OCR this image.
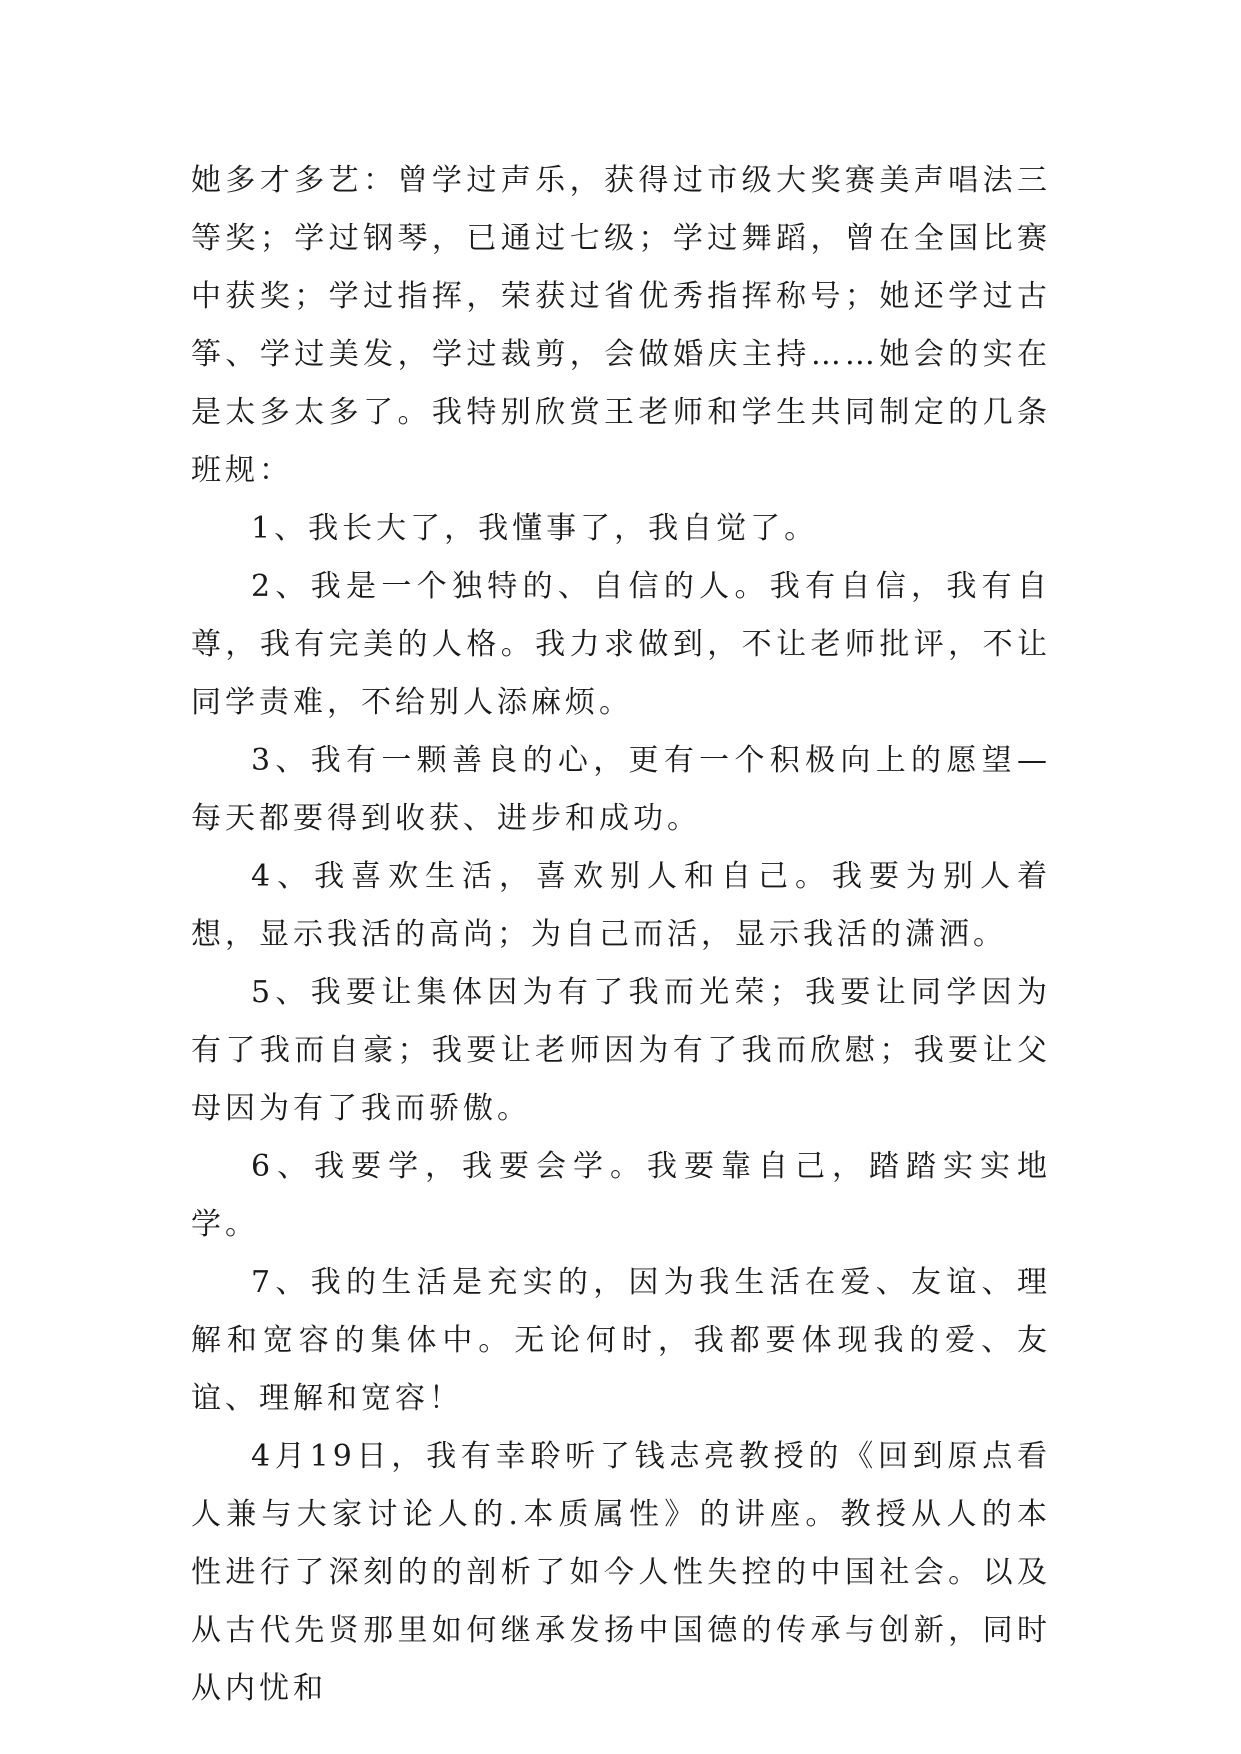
她多才多艺：曾学过声乐，获得过市级大奖赛美声唱法三等奖；学过钢琴，已通过七级；学过舞蹈，曾在全国比赛中获奖；学过指挥，荣获过省优秀指挥称号；她还学过古筝、学过美发，学过裁剪，会做婚庆主持……她会的实在是太多太多了。我特别欣赏王老师和学生共同制定的几条班规：

1、我长大了，我懂事了，我自觉了。

2、我是一个独特的、自信的人。我有自信，我有自尊，我有完美的人格。我力求做到，不让老师批评，不让同学责难，不给别人添麻烦。

3、我有一颗善良的心，更有一个积极向上的愿望—每天都要得到收获、进步和成功。

4、我喜欢生活，喜欢别人和自己。我要为别人着想，显示我活的高尚；为自己而活，显示我活的潇洒。

5、我要让集体因为有了我而光荣；我要让同学因为有了我而自豪；我要让老师因为有了我而欣慰；我要让父母因为有了我而骄傲。

6、我要学，我要会学。我要靠自己，踏踏实实地学。

7、我的生活是充实的，因为我生活在爱、友谊、理解和宽容的集体中。无论何时，我都要体现我的爱、友谊、理解和宽容！

4月19日，我有幸聆听了钱志亮教授的《回到原点看人兼与大家讨论人的.本质属性》的讲座。教授从人的本性进行了深刻的的剖析了如今人性失控的中国社会。以及从古代先贤那里如何继承发扬中国德的传承与创新，同时从内忧和
